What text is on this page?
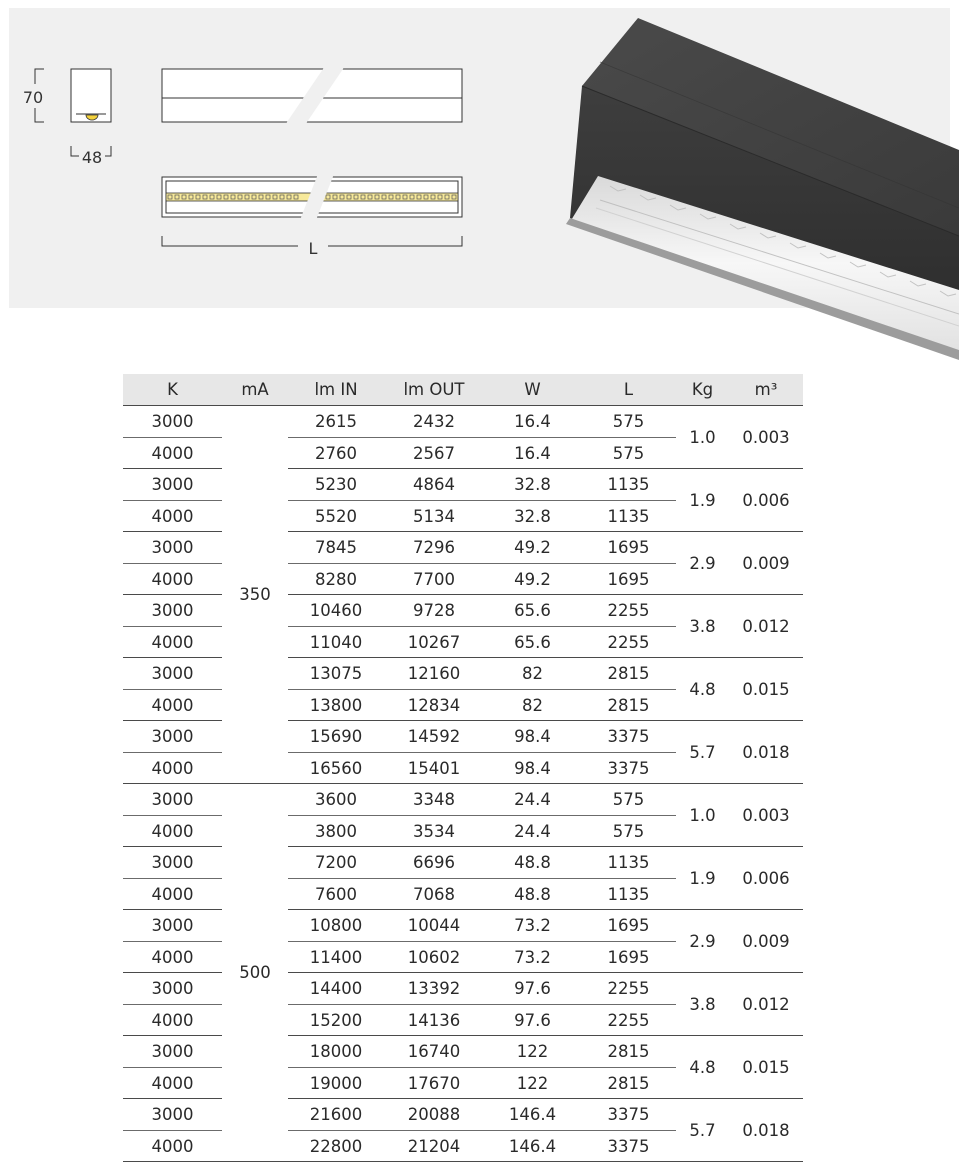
70
48
L
K	mA	lm IN	lm OUT	W	L	Kg	m³
3000	350	2615	2432	16.4	575	1.0	0.003
4000		2760	2567	16.4	575		
3000		5230	4864	32.8	1135	1.9	0.006
4000		5520	5134	32.8	1135		
3000		7845	7296	49.2	1695	2.9	0.009
4000		8280	7700	49.2	1695		
3000		10460	9728	65.6	2255	3.8	0.012
4000		11040	10267	65.6	2255		
3000		13075	12160	82	2815	4.8	0.015
4000		13800	12834	82	2815		
3000		15690	14592	98.4	3375	5.7	0.018
4000		16560	15401	98.4	3375		
3000	500	3600	3348	24.4	575	1.0	0.003
4000		3800	3534	24.4	575		
3000		7200	6696	48.8	1135	1.9	0.006
4000		7600	7068	48.8	1135		
3000		10800	10044	73.2	1695	2.9	0.009
4000		11400	10602	73.2	1695		
3000		14400	13392	97.6	2255	3.8	0.012
4000		15200	14136	97.6	2255		
3000		18000	16740	122	2815	4.8	0.015
4000		19000	17670	122	2815		
3000		21600	20088	146.4	3375	5.7	0.018
4000		22800	21204	146.4	3375		
